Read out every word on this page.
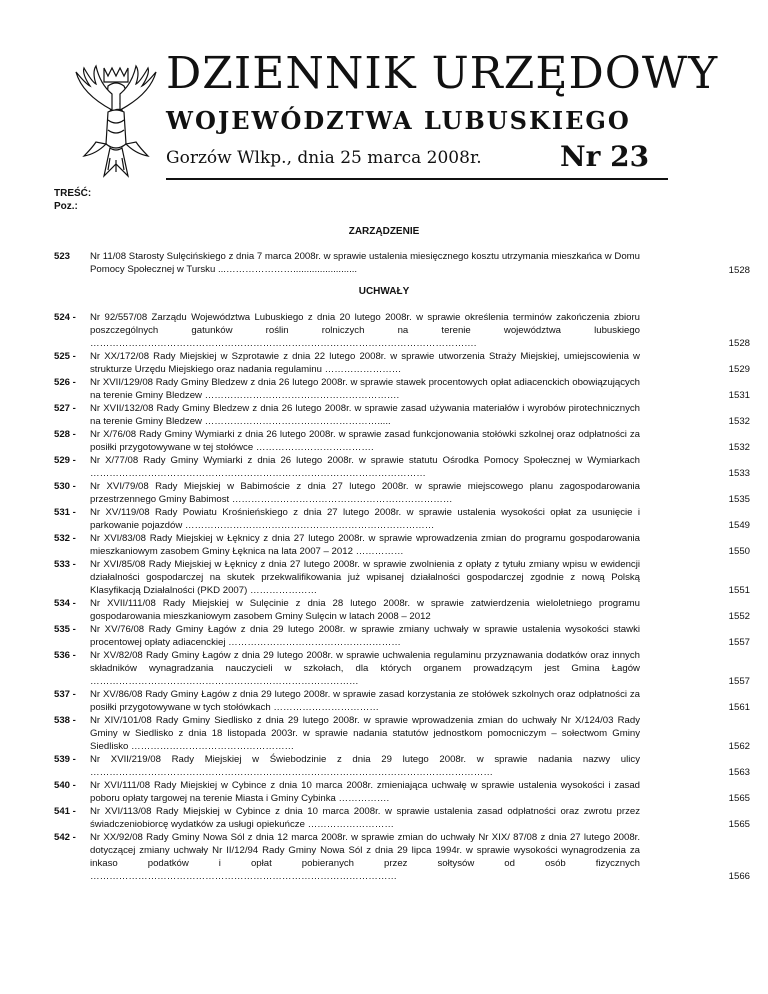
DZIENNIK URZĘDOWY
WOJEWÓDZTWA LUBUSKIEGO
Gorzów Wlkp., dnia 25 marca 2008r.	Nr 23
TREŚĆ:
Poz.:
ZARZĄDZENIE
523 Nr 11/08 Starosty Sulęcińskiego z dnia 7 marca 2008r. w sprawie ustalenia miesięcznego kosztu utrzymania mieszkańca w Domu Pomocy Społecznej w Tursku ...…………………........................	1528
UCHWAŁY
524 - Nr 92/557/08 Zarządu Województwa Lubuskiego z dnia 20 lutego 2008r. w sprawie określenia terminów zakończenia zbioru poszczególnych gatunków roślin rolniczych na terenie województwa lubuskiego ………………………………………………………………………………………………………….	1528
525 - Nr XX/172/08 Rady Miejskiej w Szprotawie z dnia 22 lutego 2008r. w sprawie utworzenia Straży Miejskiej, umiejscowienia w strukturze Urzędu Miejskiego oraz nadania regulaminu ……………………	1529
526 - Nr XVII/129/08 Rady Gminy Bledzew z dnia 26 lutego 2008r. w sprawie stawek procentowych opłat adiacenckich obowiązujących na terenie Gminy Bledzew …………………………………………………….	1531
527 - Nr XVII/132/08 Rady Gminy Bledzew z dnia 26 lutego 2008r. w sprawie zasad używania materiałów i wyrobów pirotechnicznych na terenie Gminy Bledzew ……………………………………………….....	1532
528 - Nr X/76/08 Rady Gminy Wymiarki z dnia 26 lutego 2008r. w sprawie zasad funkcjonowania stołówki szkolnej oraz odpłatności za posiłki przygotowywane w tej stołówce ……………………………….	1532
529 - Nr X/77/08 Rady Gminy Wymiarki z dnia 26 lutego 2008r. w sprawie statutu Ośrodka Pomocy Społecznej w Wymiarkach ……………………………………………………………………………………………	1533
530 - Nr XVI/79/08 Rady Miejskiej w Babimoście z dnia 27 lutego 2008r. w sprawie miejscowego planu zagospodarowania przestrzennego Gminy Babimost ……………………………………………………………	1535
531 - Nr XV/119/08 Rady Powiatu Krośnieńskiego z dnia 27 lutego 2008r. w sprawie ustalenia wysokości opłat za usunięcie i parkowanie pojazdów ……………………………………………………………………	1549
532 - Nr XVI/83/08 Rady Miejskiej w Łęknicy z dnia 27 lutego 2008r. w sprawie wprowadzenia zmian do programu gospodarowania mieszkaniowym zasobem Gminy Łęknica na lata 2007 – 2012 ……………	1550
533 - Nr XVI/85/08 Rady Miejskiej w Łęknicy z dnia 27 lutego 2008r. w sprawie zwolnienia z opłaty z tytułu zmiany wpisu w ewidencji działalności gospodarczej na skutek przekwalifikowania już wpisanej działalności gospodarczej zgodnie z nową Polską Klasyfikacją Działalności (PKD 2007) …………………	1551
534 - Nr XVII/111/08 Rady Miejskiej w Sulęcinie z dnia 28 lutego 2008r. w sprawie zatwierdzenia wieloletniego programu gospodarowania mieszkaniowym zasobem Gminy Sulęcin w latach 2008 – 2012	1552
535 - Nr XV/76/08 Rady Gminy Łagów z dnia 29 lutego 2008r. w sprawie zmiany uchwały w sprawie ustalenia wysokości stawki procentowej opłaty adiacenckiej ………………………………………………	1557
536 - Nr XV/82/08 Rady Gminy Łagów z dnia 29 lutego 2008r. w sprawie uchwalenia regulaminu przyznawania dodatków oraz innych składników wynagradzania nauczycieli w szkołach, dla których organem prowadzącym jest Gmina Łagów …………………………………………………………………………	1557
537 - Nr XV/86/08 Rady Gminy Łagów z dnia 29 lutego 2008r. w sprawie zasad korzystania ze stołówek szkolnych oraz odpłatności za posiłki przygotowywane w tych stołówkach ……………………………	1561
538 - Nr XIV/101/08 Rady Gminy Siedlisko z dnia 29 lutego 2008r. w sprawie wprowadzenia zmian do uchwały Nr X/124/03 Rady Gminy w Siedlisko z dnia 18 listopada 2003r. w sprawie nadania statutów jednostkom pomocniczym – sołectwom Gminy Siedlisko ……………………………………………	1562
539 - Nr XVII/219/08 Rady Miejskiej w Świebodzinie z dnia 29 lutego 2008r. w sprawie nadania nazwy ulicy ………………………………………………………………………………………………………………	1563
540 - Nr XVI/111/08 Rady Miejskiej w Cybince z dnia 10 marca 2008r. zmieniająca uchwałę w sprawie ustalenia wysokości i zasad poboru opłaty targowej na terenie Miasta i Gminy Cybinka …………….	1565
541 - Nr XVI/113/08 Rady Miejskiej w Cybince z dnia 10 marca 2008r. w sprawie ustalenia zasad odpłatności oraz zwrotu przez świadczeniobiorcę wydatków za usługi opiekuńcze ………………………	1565
542 - Nr XX/92/08 Rady Gminy Nowa Sól z dnia 12 marca 2008r. w sprawie zmian do uchwały Nr XIX/ 87/08 z dnia 27 lutego 2008r. dotyczącej zmiany uchwały Nr II/12/94 Rady Gminy Nowa Sól z dnia 29 lipca 1994r. w sprawie wysokości wynagrodzenia za inkaso podatków i opłat pobieranych przez sołtysów od osób fizycznych ……………………………………………………………………………………	1566
